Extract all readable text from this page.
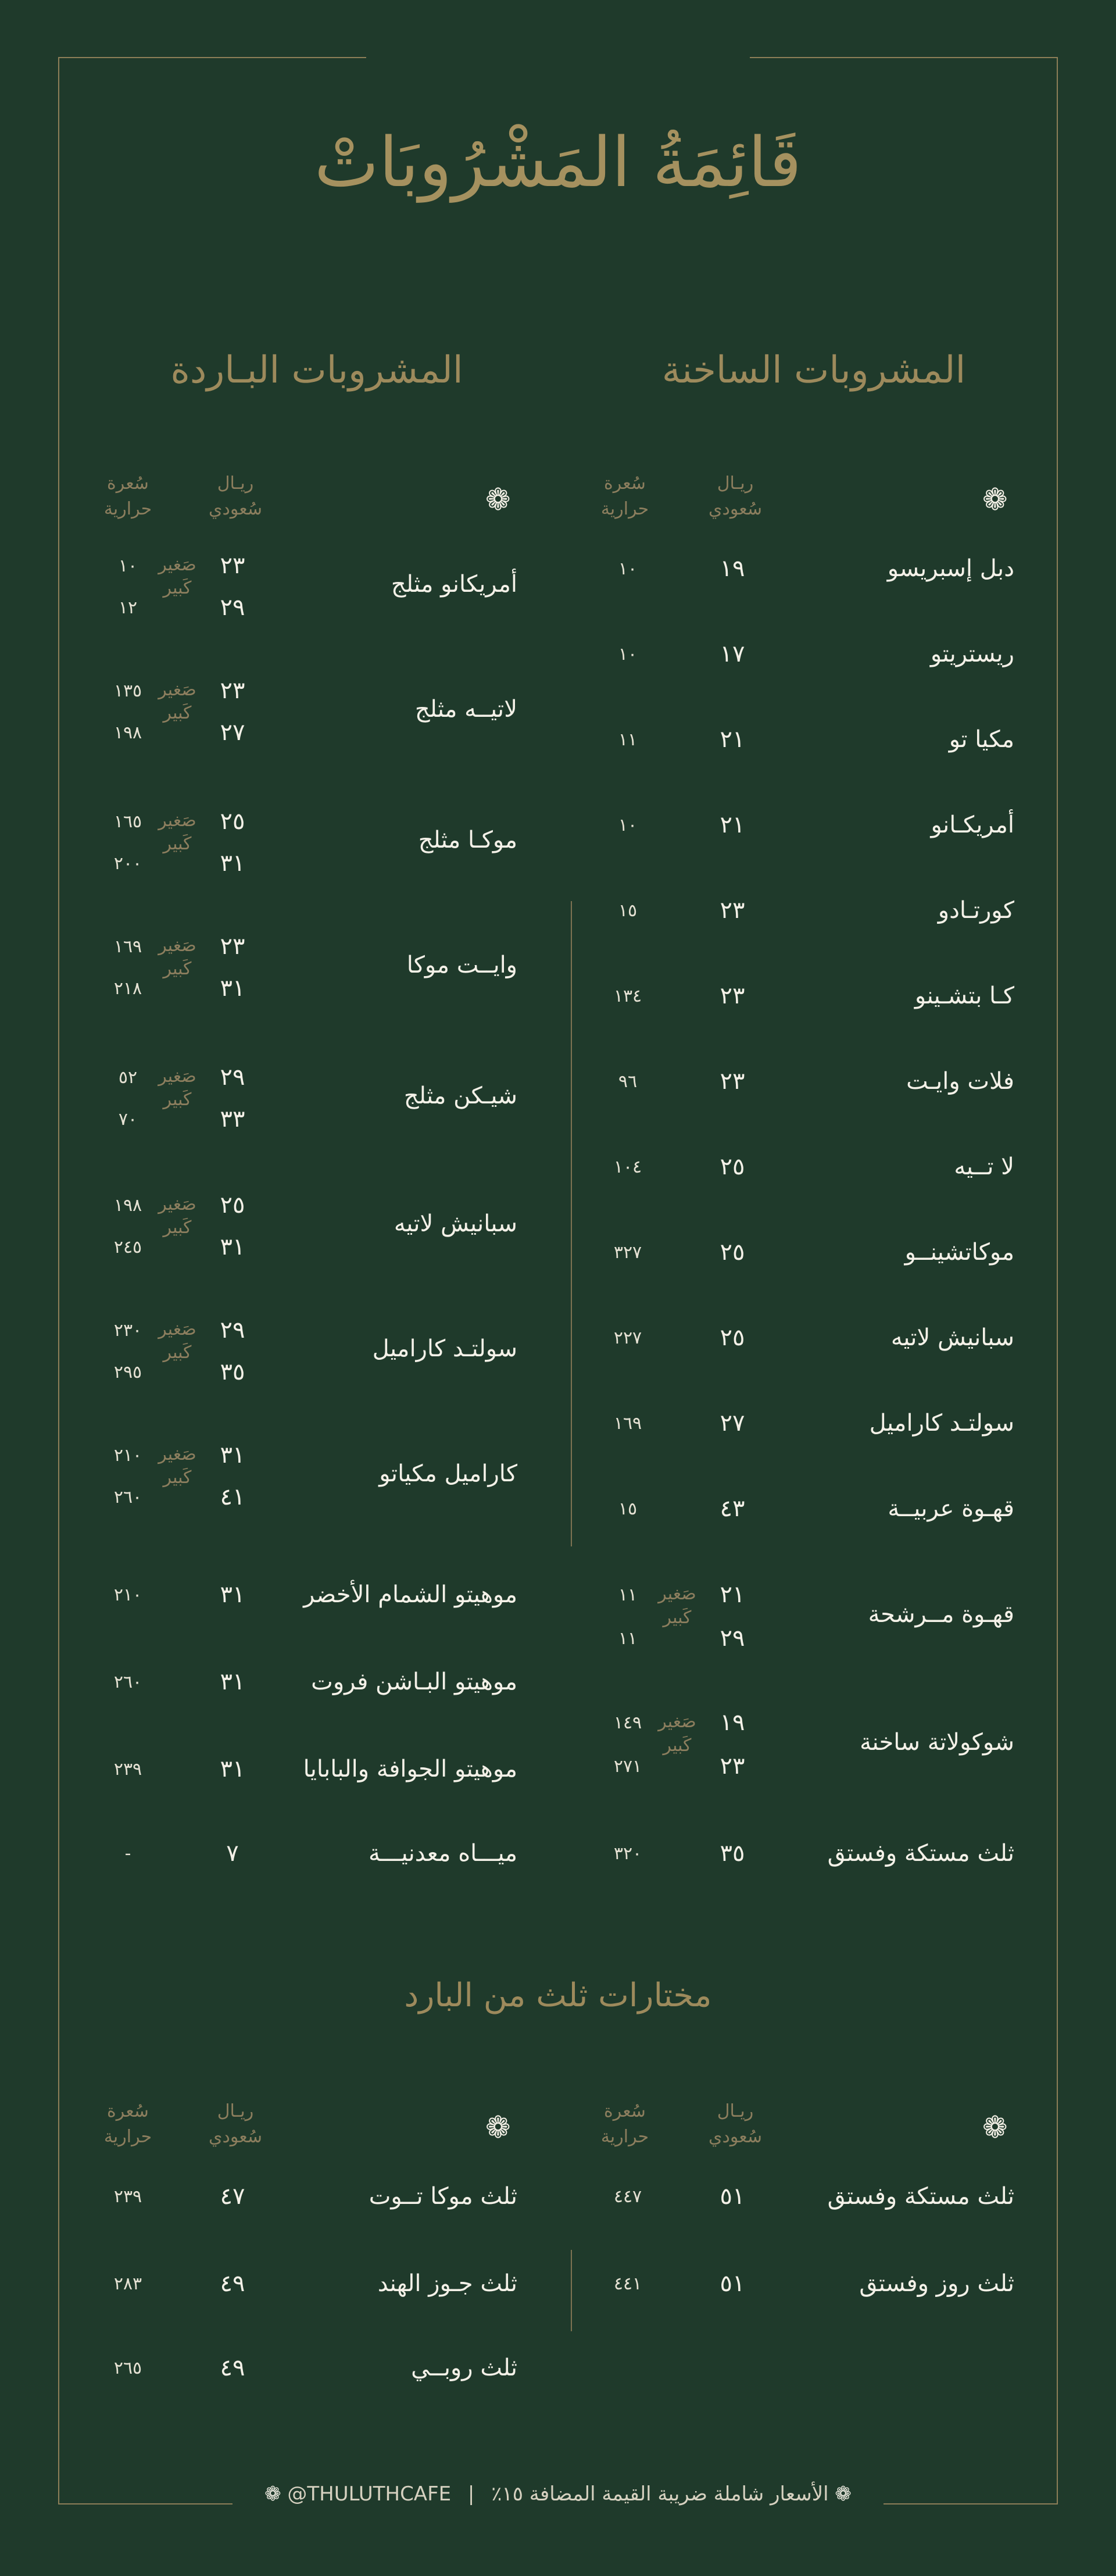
قَائِمَةُ المَشْرُوبَاتْ
المشروبات الساخنة
المشروبات البـاردة
❁
ريـال
سُعودي
سُعرة
حرارية
❁
ريـال
سُعودي
سُعرة
حرارية
دبل إسبريسو
١٩
١٠
ريستريتو
١٧
١٠
مكيا تو
٢١
١١
أمريكـانو
٢١
١٠
كورتـادو
٢٣
١٥
كـا بتشـينو
٢٣
١٣٤
فلات وايـت
٢٣
٩٦
لا تــيه
٢٥
١٠٤
موكاتشينــو
٢٥
٣٢٧
سبانيش لاتيه
٢٥
٢٢٧
سولتـد كاراميل
٢٧
١٦٩
قهـوة عربيــة
٤٣
١٥
قهـوة مــرشحة
صَغير
كَبير
٢١
٢٩
١١
١١
شوكولاتة ساخنة
صَغير
كَبير
١٩
٢٣
١٤٩
٢٧١
ثلث مستكة وفستق
٣٥
٣٢٠
أمريكانو مثلج
صَغير
كَبير
٢٣
٢٩
١٠
١٢
لاتيــه مثلج
صَغير
كَبير
٢٣
٢٧
١٣٥
١٩٨
موكـا مثلج
صَغير
كَبير
٢٥
٣١
١٦٥
٢٠٠
وايــت موكا
صَغير
كَبير
٢٣
٣١
١٦٩
٢١٨
شيـكن مثلج
صَغير
كَبير
٢٩
٣٣
٥٢
٧٠
سبانيش لاتيه
صَغير
كَبير
٢٥
٣١
١٩٨
٢٤٥
سولتـد كاراميل
صَغير
كَبير
٢٩
٣٥
٢٣٠
٢٩٥
كاراميل مكياتو
صَغير
كَبير
٣١
٤١
٢١٠
٢٦٠
موهيتو الشمام الأخضر
٣١
٢١٠
موهيتو البـاشن فروت
٣١
٢٦٠
موهيتو الجوافة والبابايا
٣١
٢٣٩
ميـــاه معدنيـــة
٧
-
مختارات ثلث من البارد
❁
ريـال
سُعودي
سُعرة
حرارية
❁
ريـال
سُعودي
سُعرة
حرارية
ثلث مستكة وفستق
٥١
٤٤٧
ثلث روز وفستق
٥١
٤٤١
ثلث موكا تــوت
٤٧
٢٣٩
ثلث جـوز الهند
٤٩
٢٨٣
ثلث روبــي
٤٩
٢٦٥
❁ الأسعار شاملة ضريبة القيمة المضافة ١٥٪ | @THULUTHCAFE ❁
